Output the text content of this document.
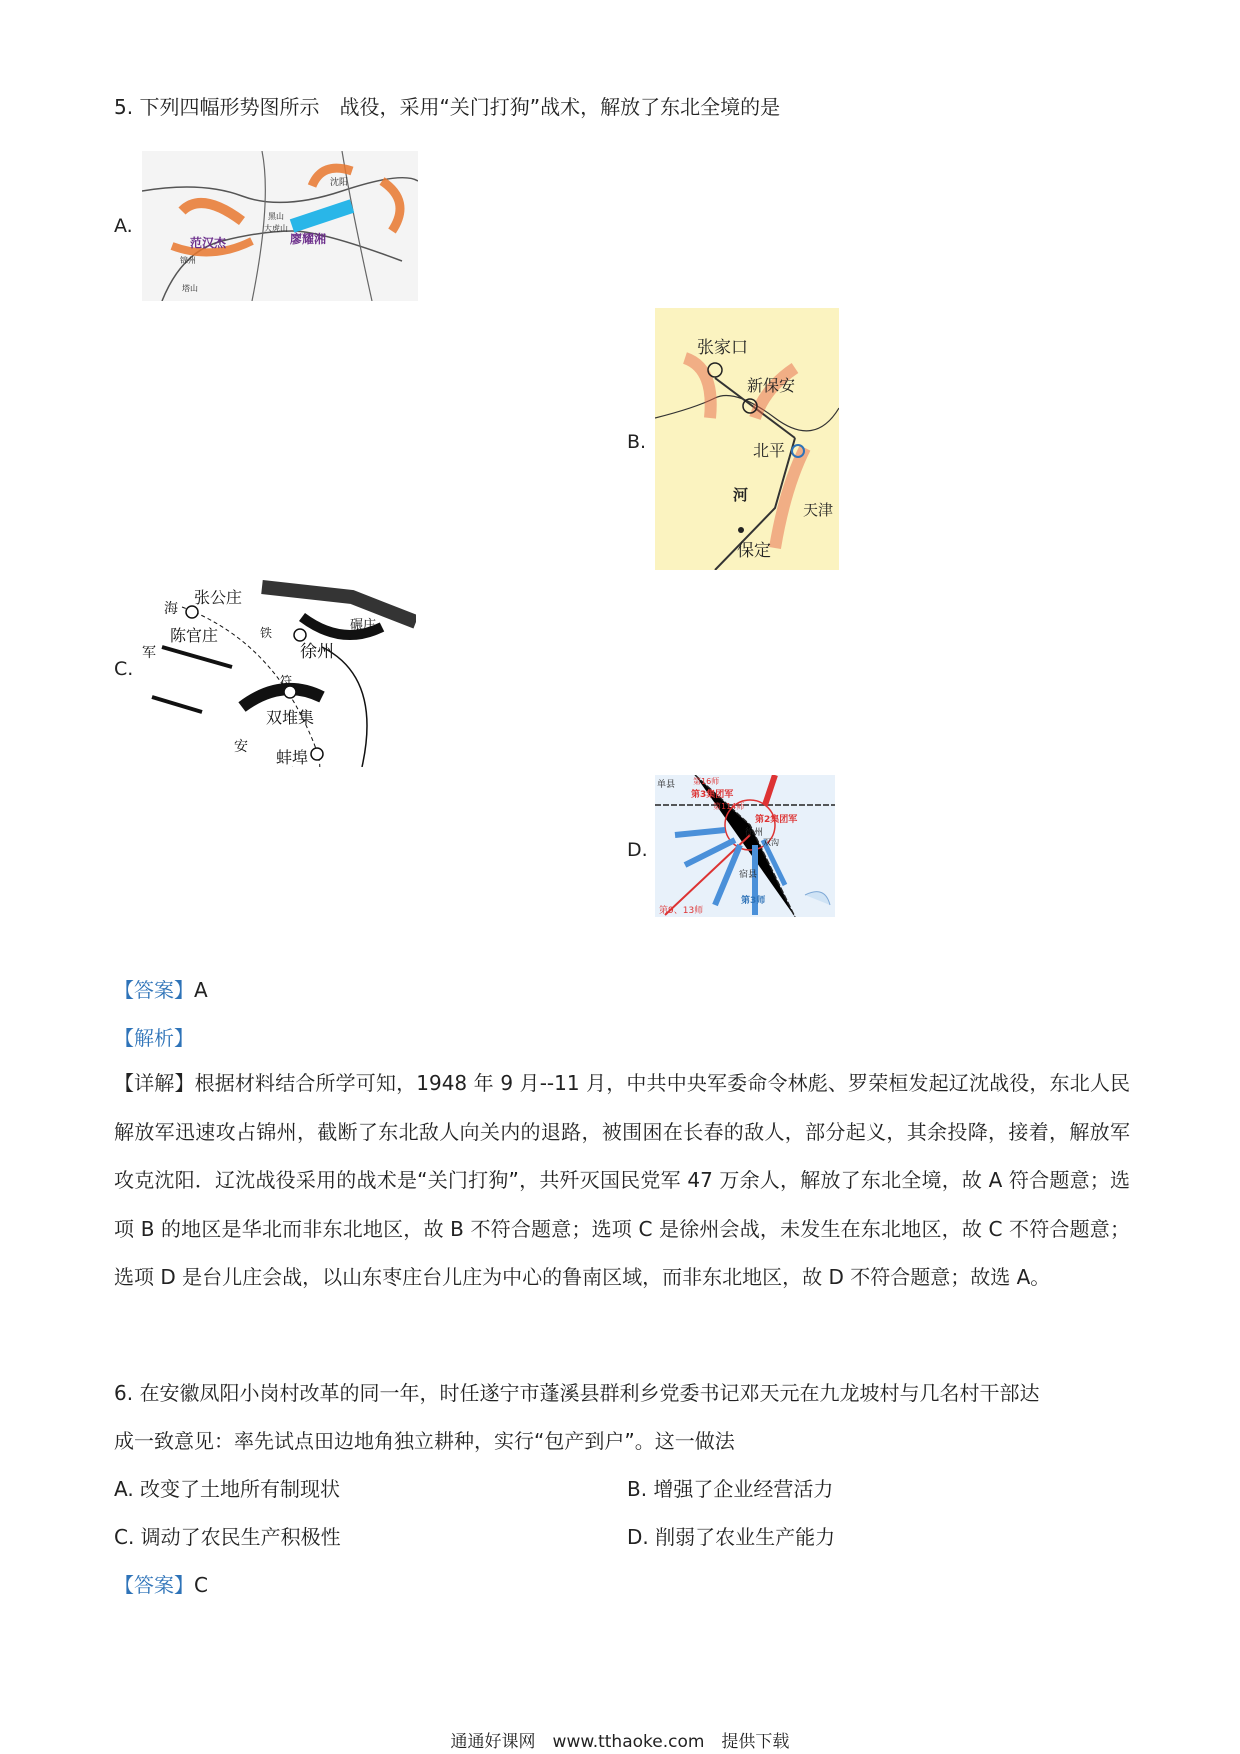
5. 下列四幅形势图所示　战役，采用“关门打狗”战术，解放了东北全境的是
A.
沈阳
黑山
大虎山
锦州
塔山
范汉杰	廖耀湘
B.
张家口
新保安
北平
河
天津
保定
C.
张公庄
海
陈官庄
徐州
双堆集
蚌埠
安
军
铁
符
碾庄
D.
单县 第16师
第3集团军
第114师
徐州
第2集团军
双沟
宿县
第3师
第9、13师
【答案】A
【解析】
【详解】根据材料结合所学可知，1948 年 9 月--11 月，中共中央军委命令林彪、罗荣桓发起辽沈战役，东北人民解放军迅速攻占锦州，截断了东北敌人向关内的退路，被围困在长春的敌人，部分起义，其余投降，接着，解放军攻克沈阳．辽沈战役采用的战术是“关门打狗”，共歼灭国民党军 47 万余人，解放了东北全境，故 A 符合题意；选项 B 的地区是华北而非东北地区，故 B 不符合题意；选项 C 是徐州会战，未发生在东北地区，故 C 不符合题意；选项 D 是台儿庄会战，以山东枣庄台儿庄为中心的鲁南区域，而非东北地区，故 D 不符合题意；故选 A。
6. 在安徽凤阳小岗村改革的同一年，时任遂宁市蓬溪县群利乡党委书记邓天元在九龙坡村与几名村干部达
成一致意见：率先试点田边地角独立耕种，实行“包产到户”。这一做法
A. 改变了土地所有制现状	B. 增强了企业经营活力
C. 调动了农民生产积极性	D. 削弱了农业生产能力
【答案】C
通通好课网　www.tthaoke.com　提供下载
